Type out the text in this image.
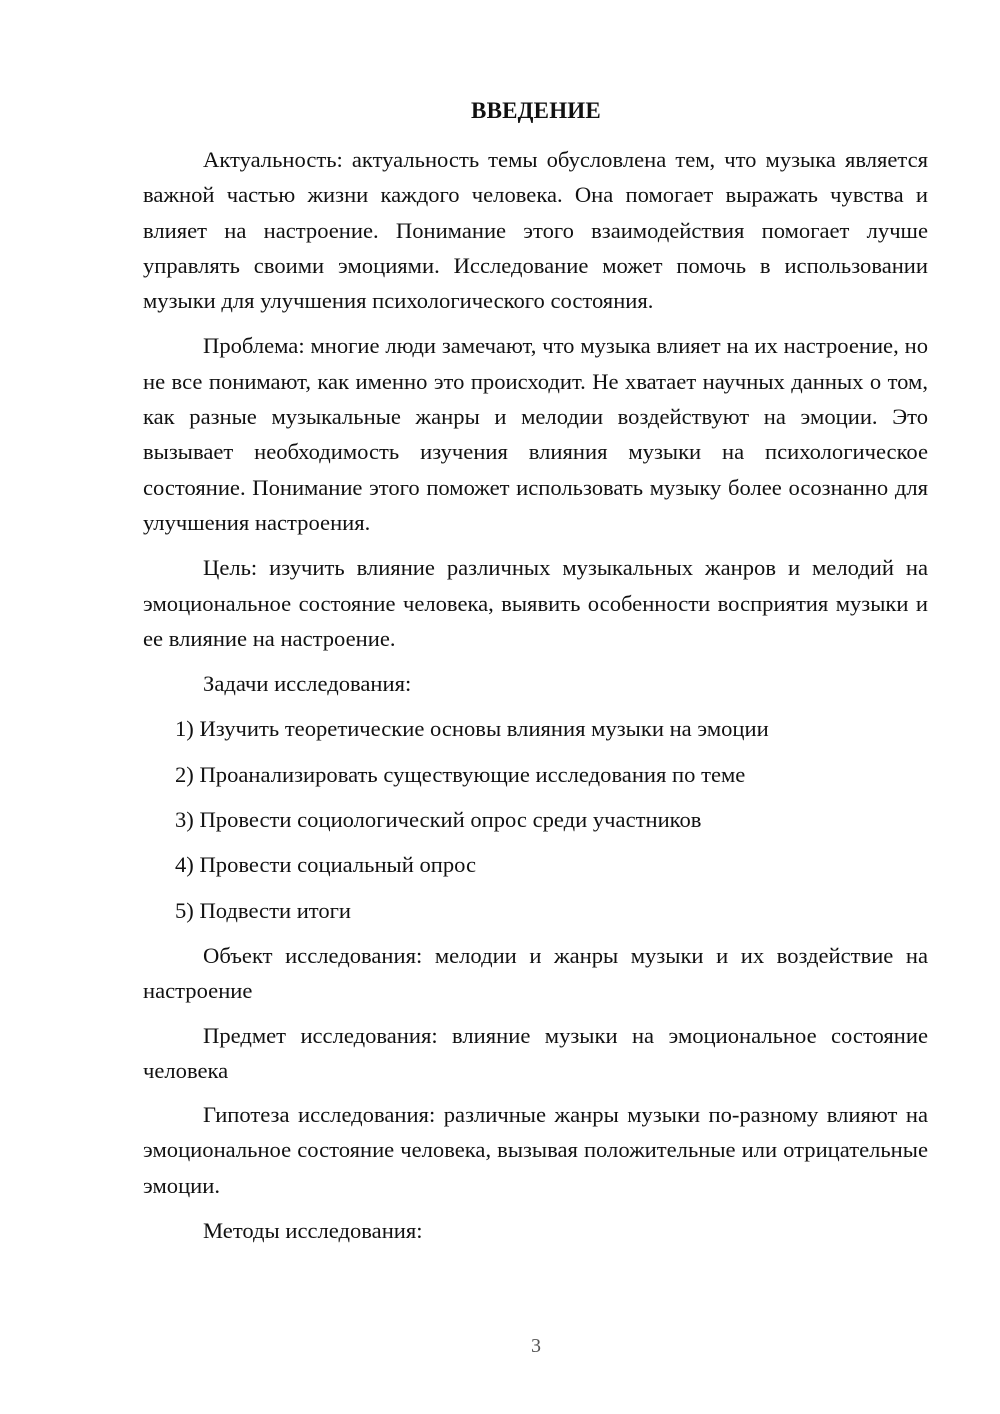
ВВЕДЕНИЕ

Актуальность: актуальность темы обусловлена тем, что музыка является важной частью жизни каждого человека. Она помогает выражать чувства и влияет на настроение. Понимание этого взаимодействия помогает лучше управлять своими эмоциями. Исследование может помочь в использовании музыки для улучшения психологического состояния.

Проблема: многие люди замечают, что музыка влияет на их настроение, но не все понимают, как именно это происходит. Не хватает научных данных о том, как разные музыкальные жанры и мелодии воздействуют на эмоции. Это вызывает необходимость изучения влияния музыки на психологическое состояние. Понимание этого поможет использовать музыку более осознанно для улучшения настроения.

Цель: изучить влияние различных музыкальных жанров и мелодий на эмоциональное состояние человека, выявить особенности восприятия музыки и ее влияние на настроение.

Задачи исследования:

1) Изучить теоретические основы влияния музыки на эмоции
2) Проанализировать существующие исследования по теме
3) Провести социологический опрос среди участников
4) Провести социальный опрос
5) Подвести итоги

Объект исследования: мелодии и жанры музыки и их воздействие на настроение

Предмет исследования: влияние музыки на эмоциональное состояние человека

Гипотеза исследования: различные жанры музыки по-разному влияют на эмоциональное состояние человека, вызывая положительные или отрицательные эмоции.

Методы исследования:

3
